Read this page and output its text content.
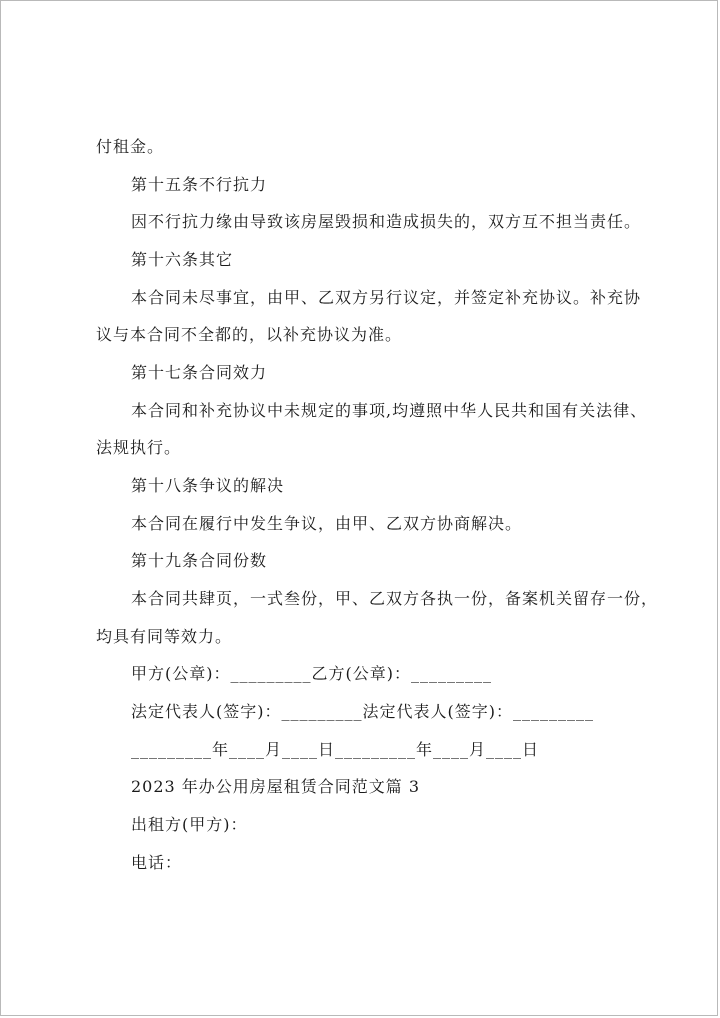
付租金。
第十五条不行抗力
因不行抗力缘由导致该房屋毁损和造成损失的，双方互不担当责任。
第十六条其它
本合同未尽事宜，由甲、乙双方另行议定，并签定补充协议。补充协
议与本合同不全都的，以补充协议为准。
第十七条合同效力
本合同和补充协议中未规定的事项,均遵照中华人民共和国有关法律、
法规执行。
第十八条争议的解决
本合同在履行中发生争议，由甲、乙双方协商解决。
第十九条合同份数
本合同共肆页，一式叁份，甲、乙双方各执一份，备案机关留存一份，
均具有同等效力。
甲方(公章)：_________乙方(公章)：_________
法定代表人(签字)：_________法定代表人(签字)：_________
_________年____月____日_________年____月____日
2023 年办公用房屋租赁合同范文篇 3
出租方(甲方)：
电话：
